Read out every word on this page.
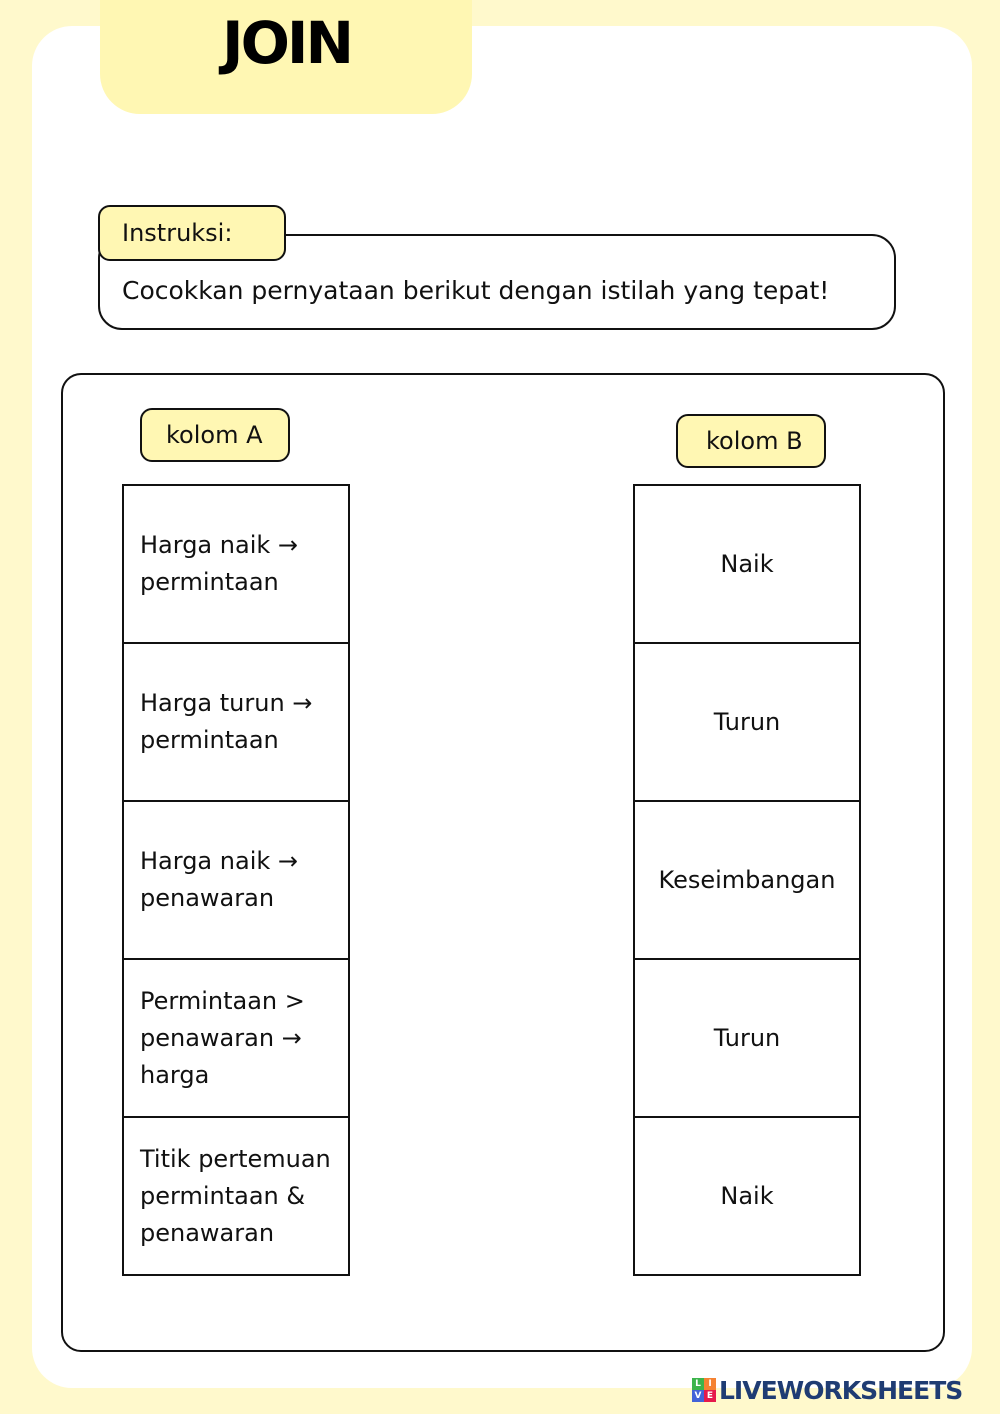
JOIN
Instruksi:
Cocokkan pernyataan berikut dengan istilah yang tepat!
kolom A	kolom B
Harga naik → permintaan
Harga turun → permintaan
Harga naik → penawaran
Permintaan > penawaran → harga
Titik pertemuan permintaan & penawaran
Naik
Turun
Keseimbangan
Turun
Naik
L I
V E LIVEWORKSHEETS
